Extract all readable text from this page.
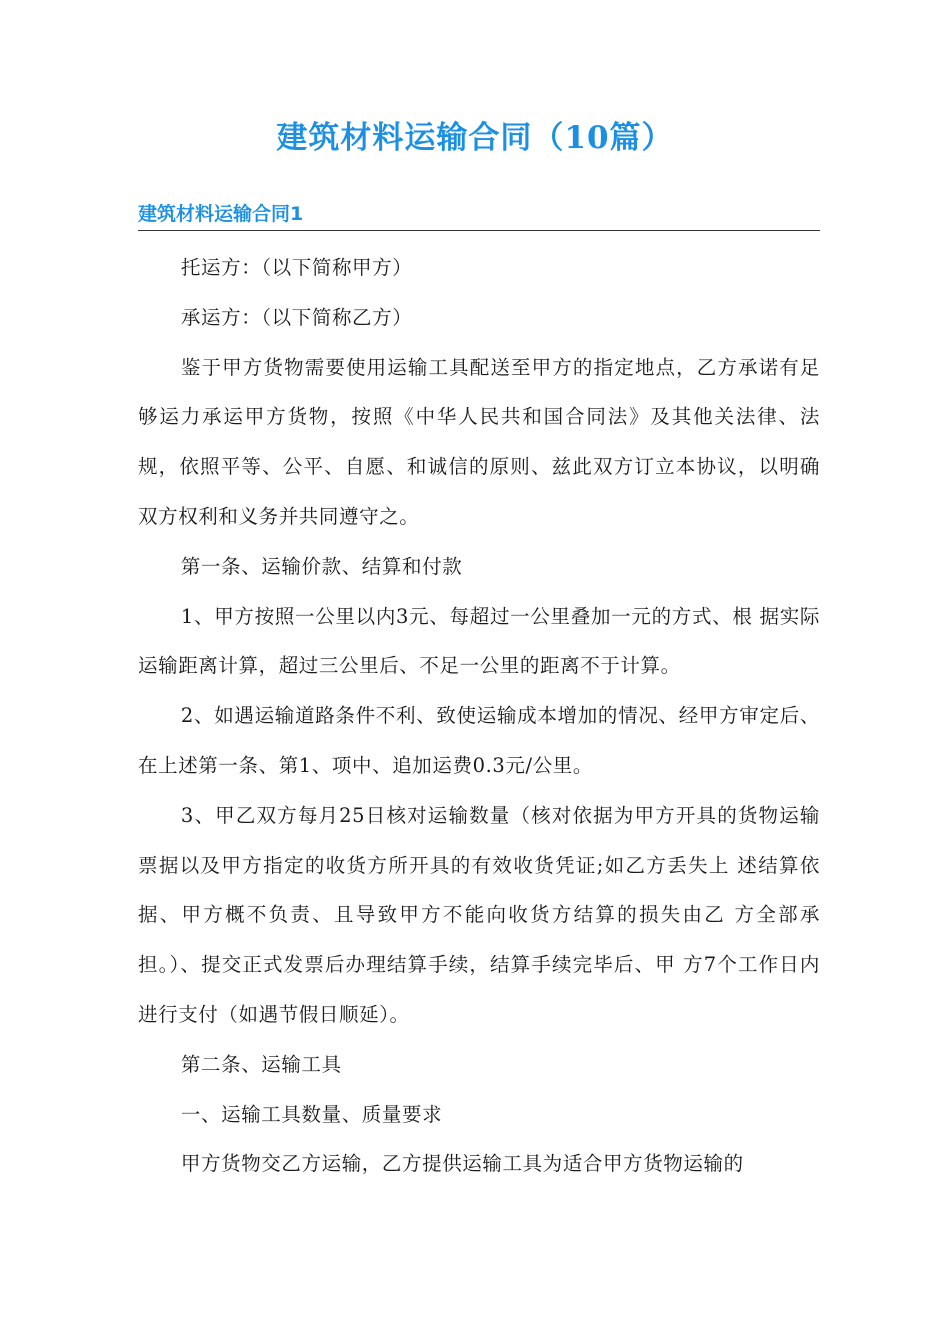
建筑材料运输合同（10篇）
建筑材料运输合同1

托运方：（以下简称甲方）

承运方：（以下简称乙方）

鉴于甲方货物需要使用运输工具配送至甲方的指定地点，乙方承诺有足够运力承运甲方货物，按照《中华人民共和国合同法》及其他关法律、法规，依照平等、公平、自愿、和诚信的原则、兹此双方订立本协议，以明确双方权利和义务并共同遵守之。

第一条、运输价款、结算和付款

1、甲方按照一公里以内3元、每超过一公里叠加一元的方式、根 据实际运输距离计算，超过三公里后、不足一公里的距离不于计算。

2、如遇运输道路条件不利、致使运输成本增加的情况、经甲方审定后、在上述第一条、第1、项中、追加运费0.3元/公里。

3、甲乙双方每月25日核对运输数量（核对依据为甲方开具的货物运输票据以及甲方指定的收货方所开具的有效收货凭证;如乙方丢失上 述结算依据、甲方概不负责、且导致甲方不能向收货方结算的损失由乙 方全部承担。）、提交正式发票后办理结算手续，结算手续完毕后、甲 方7个工作日内进行支付（如遇节假日顺延）。

第二条、运输工具

一、运输工具数量、质量要求

甲方货物交乙方运输，乙方提供运输工具为适合甲方货物运输的
